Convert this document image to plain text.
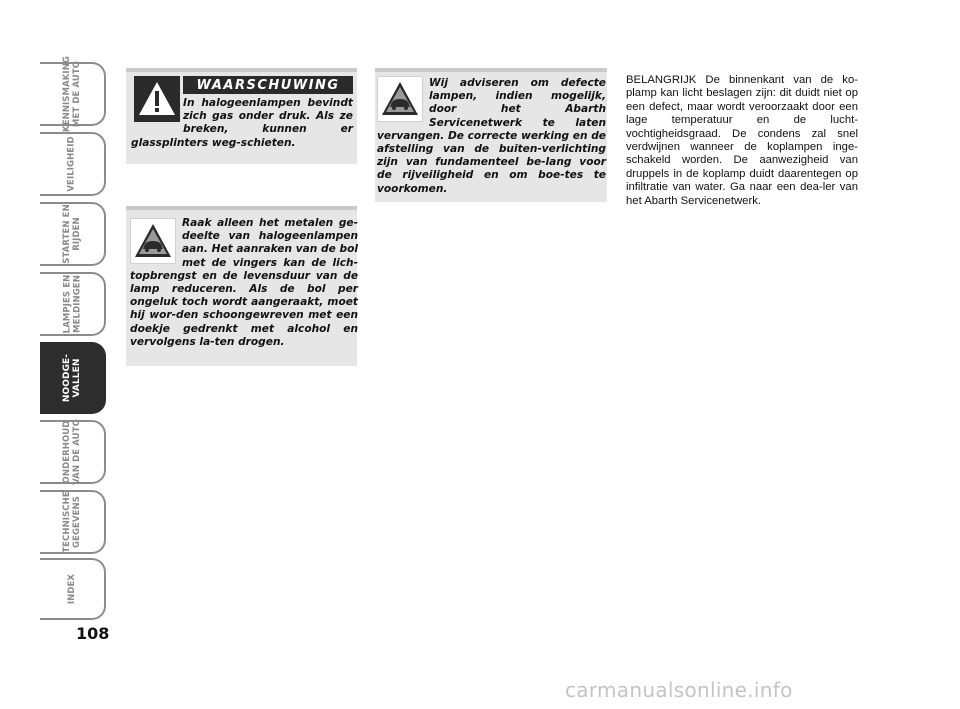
KENNISMAKING
MET DE AUTO
VEILIGHEID
STARTEN EN
RIJDEN
LAMPJES EN
MELDINGEN
NOODGE-
VALLEN
ONDERHOUD
VAN DE AUTO
TECHNISCHE
GEGEVENS
INDEX
108
WAARSCHUWING
In halogeenlampen bevindt zich gas onder druk. Als ze breken, kunnen er glassplinters weg-schieten.
Raak alleen het metalen ge-deelte van halogeenlampen aan. Het aanraken van de bol met de vingers kan de lich-topbrengst en de levensduur van de lamp reduceren. Als de bol per ongeluk toch wordt aangeraakt, moet hij wor-den schoongewreven met een doekje gedrenkt met alcohol en vervolgens la-ten drogen.
Wij adviseren om defecte lampen, indien mogelijk, door het Abarth Servicenetwerk te laten vervangen. De correcte werking en de afstelling van de buiten-verlichting zijn van fundamenteel be-lang voor de rijveiligheid en om boe-tes te voorkomen.
BELANGRIJK De binnenkant van de ko-plamp kan licht beslagen zijn: dit duidt niet op een defect, maar wordt veroorzaakt door een lage temperatuur en de lucht-vochtigheidsgraad. De condens zal snel verdwijnen wanneer de koplampen inge-schakeld worden. De aanwezigheid van druppels in de koplamp duidt daarentegen op infiltratie van water. Ga naar een dea-ler van het Abarth Servicenetwerk.
carmanualsonline.info
